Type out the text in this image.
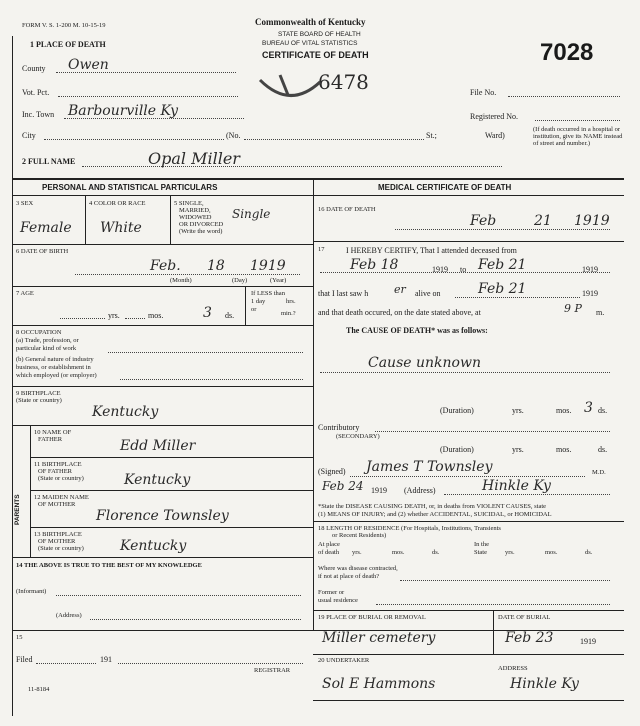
FORM V. S. 1-200 M. 10-15-19	Commonwealth of Kentucky
STATE BOARD OF HEALTH
BUREAU OF VITAL STATISTICS
CERTIFICATE OF DEATH	7028
6478
1 PLACE OF DEATH
County Owen
Vot. Pct.
Inc. Town Barbourville Ky
City	(No.	St.;	Ward)
File No.
Registered No.
(If death occurred in a hospital or institution, give its NAME instead of street and number.)
2 FULL NAME	Opal Miller
PERSONAL AND STATISTICAL PARTICULARS
3 SEX
Female
4 COLOR OR RACE
White
5 SINGLE,
MARRIED,
WIDOWED
OR DIVORCED
(Write the word)
Single
6 DATE OF BIRTH
Feb. 18 1919
(Month)	(Day)	(Year)
7 AGE
yrs.	mos.	3 ds.
If LESS than
1 day	hrs.
or
min.?
8 OCCUPATION
(a) Trade, profession, or
particular kind of work
(b) General nature of industry
business, or establishment in
which employed (or employer)
9 BIRTHPLACE
(State or country)
Kentucky
PARENTS
10 NAME OF
FATHER	Edd Miller
11 BIRTHPLACE
OF FATHER
(State or country)	Kentucky
12 MAIDEN NAME
OF MOTHER
Florence Townsley
13 BIRTHPLACE
OF MOTHER
(State or country)	Kentucky
14 THE ABOVE IS TRUE TO THE BEST OF MY KNOWLEDGE
(Informant)
(Address)
15
Filed	191
REGISTRAR
11-8184
MEDICAL CERTIFICATE OF DEATH
16 DATE OF DEATH
Feb	21 1919
17	I HEREBY CERTIFY, That I attended deceased from
Feb 18	1919 to Feb 21	1919
that I last saw h er alive on	Feb 21	1919
and that death occured, on the date stated above, at	9 P m.
The CAUSE OF DEATH* was as follows:
Cause unknown
(Duration)	yrs.	mos. 3 ds.
Contributory
(SECONDARY)
(Duration)	yrs.	mos.	ds.
(Signed) James T Townsley	M.D.
Feb 24 1919 (Address)	Hinkle Ky
*State the DISEASE CAUSING DEATH, or, in deaths from VIOLENT CAUSES, state
(1) MEANS OF INJURY; and (2) whether ACCIDENTAL, SUICIDAL, or HOMICIDAL
18 LENGTH OF RESIDENCE (For Hospitals, Institutions, Transients
or Recent Residents)
At place
of death yrs.	mos.	ds.
In the
State	yrs.	mos.	ds.
Where was disease contracted,
if not at place of death?
Former or
usual residence
19 PLACE OF BURIAL OR REMOVAL
Miller cemetery
DATE OF BURIAL
Feb 23	1919
20 UNDERTAKER
ADDRESS
Sol E Hammons	Hinkle Ky
